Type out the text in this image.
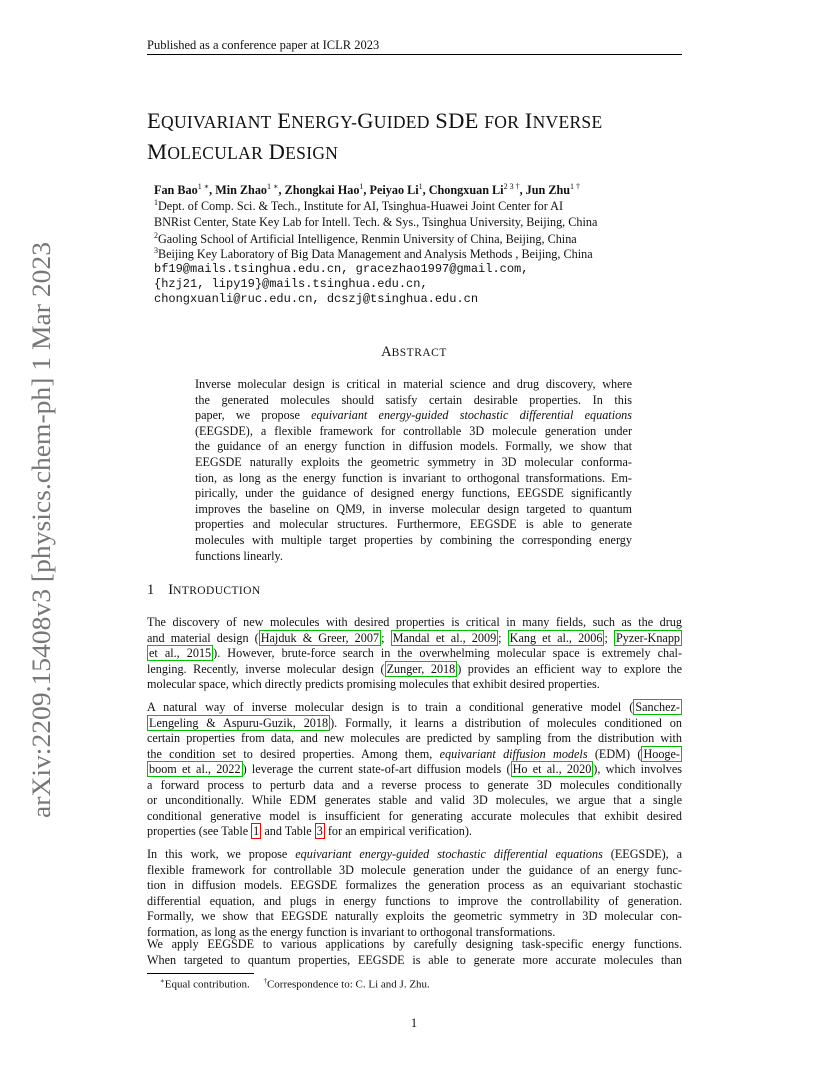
Published as a conference paper at ICLR 2023
arXiv:2209.15408v3 [physics.chem-ph] 1 Mar 2023
EQUIVARIANT ENERGY-GUIDED SDE FOR INVERSE
MOLECULAR DESIGN
Fan Bao$^{1 ∗}$, Min Zhao$^{1 ∗}$, Zhongkai Hao$^1$, Peiyao Li$^1$, Chongxuan $Li^{2 3 \dagger}$, Jun Zhu$^{1 \dagger}$
$^1$Dept. of Comp. Sci. & Tech., Institute for AI, Tsinghua-Huawei Joint Center for AI
BNRist Center, State Key Lab for Intell. Tech. & Sys., Tsinghua University, Beijing, China
$^2$Gaoling School of Artificial Intelligence, Renmin University of China, Beijing, China
$^3$Beijing Key Laboratory of Big Data Management and Analysis Methods , Beijing, China
bf19@mails.tsinghua.edu.cn, gracezhao1997@gmail.com,
{hzj21, lipy19}@mails.tsinghua.edu.cn,
chongxuanli@ruc.edu.cn, dcszj@tsinghua.edu.cn
ABSTRACT
Inverse molecular design is critical in material science and drug discovery, where
the generated molecules should satisfy certain desirable properties. In this
paper, we propose equivariant energy-guided stochastic differential equations
(EEGSDE), a flexible framework for controllable 3D molecule generation under
the guidance of an energy function in diffusion models. Formally, we show that
EEGSDE naturally exploits the geometric symmetry in 3D molecular conforma-
tion, as long as the energy function is invariant to orthogonal transformations. Em-
pirically, under the guidance of designed energy functions, EEGSDE significantly
improves the baseline on QM9, in inverse molecular design targeted to quantum
properties and molecular structures. Furthermore, EEGSDE is able to generate
molecules with multiple target properties by combining the corresponding energy
functions linearly.
1 INTRODUCTION
The discovery of new molecules with desired properties is critical in many fields, such as the drug
and material design ( Hajduk & Greer, 2007 ; Mandal et al., 2009 ; Kang et al., 2006 ; Pyzer-Knapp
et al., 2015 ). However, brute-force search in the overwhelming molecular space is extremely chal-
lenging. Recently, inverse molecular design ( Zunger, 2018 ) provides an efficient way to explore the
molecular space, which directly predicts promising molecules that exhibit desired properties.
A natural way of inverse molecular design is to train a conditional generative model ( Sanchez-
Lengeling & Aspuru-Guzik, 2018 ). Formally, it learns a distribution of molecules conditioned on
certain properties from data, and new molecules are predicted by sampling from the distribution with
the condition set to desired properties. Among them, equivariant diffusion models (EDM) ( Hooge-
boom et al., 2022 ) leverage the current state-of-art diffusion models ( Ho et al., 2020 ), which involves
a forward process to perturb data and a reverse process to generate 3D molecules conditionally
or unconditionally. While EDM generates stable and valid 3D molecules, we argue that a single
conditional generative model is insufficient for generating accurate molecules that exhibit desired
properties (see Table 1 and Table 3 for an empirical verification).
In this work, we propose equivariant energy-guided stochastic differential equations (EEGSDE), a
flexible framework for controllable 3D molecule generation under the guidance of an energy func-
tion in diffusion models. EEGSDE formalizes the generation process as an equivariant stochastic
differential equation, and plugs in energy functions to improve the controllability of generation.
Formally, we show that EEGSDE naturally exploits the geometric symmetry in 3D molecular con-
formation, as long as the energy function is invariant to orthogonal transformations.
We apply EEGSDE to various applications by carefully designing task-specific energy functions.
When targeted to quantum properties, EEGSDE is able to generate more accurate molecules than
∗Equal contribution. †Correspondence to: C. Li and J. Zhu.
1
